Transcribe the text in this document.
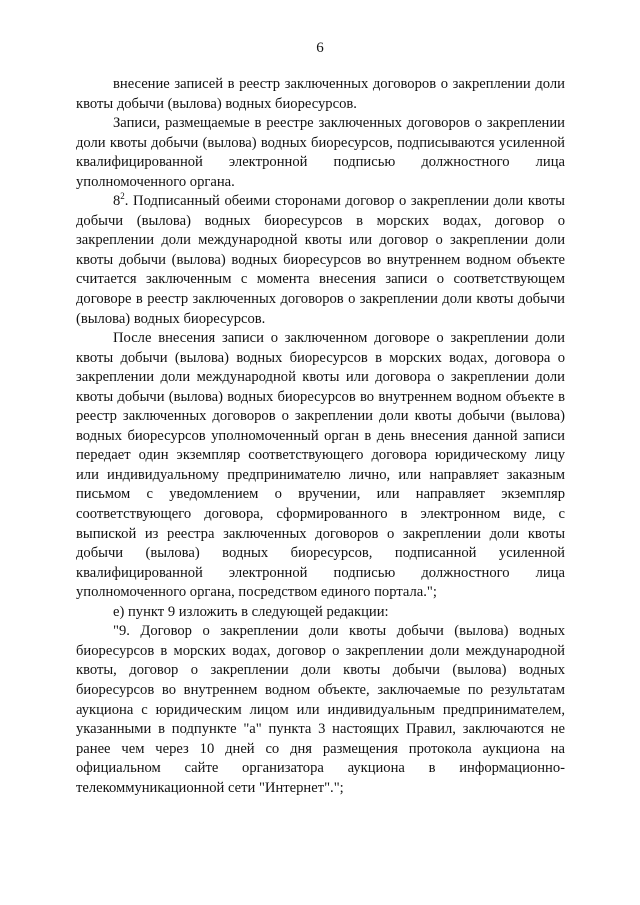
6

внесение записей в реестр заключенных договоров о закреплении доли квоты добычи (вылова) водных биоресурсов.

Записи, размещаемые в реестре заключенных договоров о закреплении доли квоты добычи (вылова) водных биоресурсов, подписываются усиленной квалифицированной электронной подписью должностного лица уполномоченного органа.

$8^2$. Подписанный обеими сторонами договор о закреплении доли квоты добычи (вылова) водных биоресурсов в морских водах, договор о закреплении доли международной квоты или договор о закреплении доли квоты добычи (вылова) водных биоресурсов во внутреннем водном объекте считается заключенным с момента внесения записи о соответствующем договоре в реестр заключенных договоров о закреплении доли квоты добычи (вылова) водных биоресурсов.

После внесения записи о заключенном договоре о закреплении доли квоты добычи (вылова) водных биоресурсов в морских водах, договора о закреплении доли международной квоты или договора о закреплении доли квоты добычи (вылова) водных биоресурсов во внутреннем водном объекте в реестр заключенных договоров о закреплении доли квоты добычи (вылова) водных биоресурсов уполномоченный орган в день внесения данной записи передает один экземпляр соответствующего договора юридическому лицу или индивидуальному предпринимателю лично, или направляет заказным письмом с уведомлением о вручении, или направляет экземпляр соответствующего договора, сформированного в электронном виде, с выпиской из реестра заключенных договоров о закреплении доли квоты добычи (вылова) водных биоресурсов, подписанной усиленной квалифицированной электронной подписью должностного лица уполномоченного органа, посредством единого портала.";

е) пункт 9 изложить в следующей редакции:

"9. Договор о закреплении доли квоты добычи (вылова) водных биоресурсов в морских водах, договор о закреплении доли международной квоты, договор о закреплении доли квоты добычи (вылова) водных биоресурсов во внутреннем водном объекте, заключаемые по результатам аукциона с юридическим лицом или индивидуальным предпринимателем, указанными в подпункте "а" пункта 3 настоящих Правил, заключаются не ранее чем через 10 дней со дня размещения протокола аукциона на официальном сайте организатора аукциона в информационно-телекоммуникационной сети "Интернет".";
